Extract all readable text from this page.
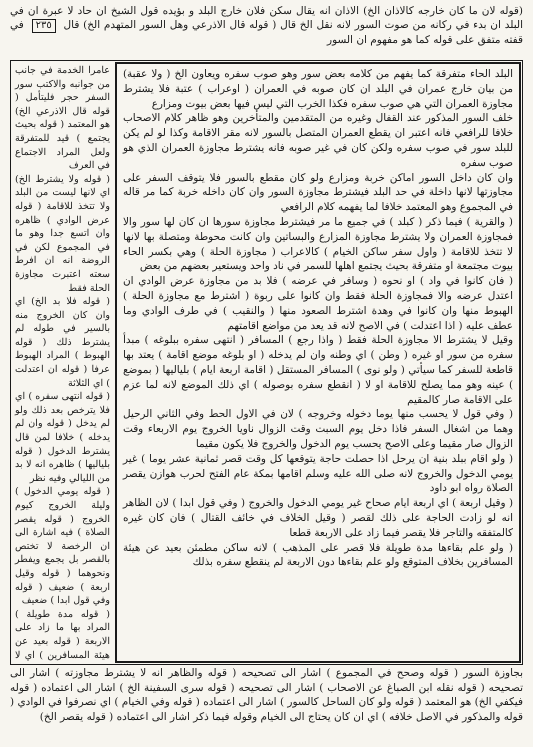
(قوله لان ما كان خارجه كالاذان الخ) الاذان انه يقال سكن فلان خارج البلد و بؤيده قول الشيخ ان حاد لا عبرة ان في البلد ان بدء في ركانه من صوت السور لانه نقل الخ قال ( قوله قال الاذرعي وهل السور المتهدم الخ) قال ٢٣٥ في قفته متفق على قوله كما هو مفهوم ان السور
البلد الحاء متفرقة كما يفهم من كلامه بعض سور وهو صوب سفره ويعاون الخ ( ولا عقبة) من بيان خارج عمران في البلد ان كان صوبه في العمران ( اوعراب ) عتبة فلا يشترط مجاوزة العمران التي هي صوب سفره فكذا الخرب التي ليس فيها بعض بيوت ومزارع
خلف السور المذكور عند القفال وغيره من المتقدمين والمتأخرين وهو ظاهر كلام الاصحاب خلافا للرافعي فانه اعتبر ان يقطع العمران المتصل بالسور لانه مقر الاقامة وكذا لو لم يكن للبلد سور في صوب سفره ولكن كان في غير صوبه فانه يشترط مجاوزة العمران الذي هو صوب سفره
وان كان داخل السور اماكن خربة ومزارع ولو كان مقطع بالسور فلا يتوقف السفر على مجاوزتها لانها داخلة في حد البلد فيشترط مجاوزة السور وان كان داخله خربة كما مر قاله في المجموع وهو المعتمد خلافا لما يفهمه كلام الرافعي
( والقرية ) فيما ذكر ( كبلد ) في جميع ما مر فيشترط مجاوزة سورها ان كان لها سور والا فمجاوزة العمران ولا يشترط مجاوزة المزارع والبساتين وان كانت محوطة ومتصلة بها لانها لا تتخذ للاقامة ( واول سفر ساكن الخيام ) كالاعراب ( مجاوزة الحلة ) وهي بكسر الحاء بيوت مجتمعة او متفرقة بحيث يجتمع اهلها للسمر في ناد واحد ويستعير بعضهم من بعض
( فان كانوا في واد ) او نحوه ( وسافر في عرضه ) فلا بد من مجاوزة عرض الوادي ان اعتدل عرضه والا فمجاوزة الحلة فقط وان كانوا على ربوة ( اشترط مع مجاوزة الحلة ) الهبوط منها وان كانوا في وهدة اشترط الصعود منها ( والنقيب ) في طرف الوادي وما عطف عليه ( اذا اعتدلت ) في الاصح لانه قد يعد من مواضع اقامتهم
وقيل لا يشترط الا مجاوزة الحلة فقط ( واذا رجع ) المسافر ( انتهى سفره ببلوغه ) مبدأ سفره من سور او غيره ( وطن ) اي وطنه وان لم يدخله ( او بلوغه موضع اقامة ) يعتد بها قاطعة للسفر كما سيأتي ( ولو نوى ) المسافر المستقل ( اقامة اربعة ايام ) بلياليها ( بموضع ) عينه وهو مما يصلح للاقامة او لا ( انقطع سفره بوصوله ) اي ذلك الموضع لانه لما عزم على الاقامة صار كالمقيم
( وفي قول لا يحسب منها يوما دخوله وخروجه ) لان في الاول الحط وفي الثاني الرحيل وهما من اشغال السفر فاذا دخل يوم السبت وقت الزوال ناويا الخروج يوم الاربعاء وقت الزوال صار مقيما وعلى الاصح يحسب يوم الدخول والخروج فلا يكون مقيما
( ولو اقام ببلد بنية ان يرحل اذا حصلت حاجة يتوقعها كل وقت قصر ثمانية عشر يوما ) غير يومي الدخول والخروج لانه صلى الله عليه وسلم اقامها بمكة عام الفتح لحرب هوازن يقصر الصلاة رواه ابو داود
( وقيل اربعة ) اي اربعة ايام صحاح غير يومي الدخول والخروج ( وفي قول ابدا ) لان الظاهر انه لو زادت الحاجة على ذلك لقصر ( وقيل الخلاف في خائف القتال ) فان كان غيره كالمتفقه والتاجر فلا يقصر فيما زاد على الاربعة قطعا
( ولو علم بقاءها مدة طويلة فلا قصر على المذهب ) لانه ساكن مطمئن بعيد عن هيئة المسافرين بخلاف المتوقع ولو علم بقاءها دون الاربعة لم ينقطع سفره بذلك
عامرا الخدمة في جانب من جوانبه والاكتب سور السفر حجر فليتأمل ( قوله قال الاذرعي الخ) هو المعتمد ( قوله بحيث يجتمع ) قيد للمتفرقة ولعل المراد الاجتماع في العرف
( قوله ولا يشترط الخ) اي لانها ليست من البلد ولا تتخذ للاقامة ( قوله عرض الوادي ) ظاهره وان اتسع جدا وهو ما في المجموع لكن في الروضة انه ان افرط سعته اعتبرت مجاوزة الحلة فقط
( قوله فلا بد الخ) اي وان كان الخروج منه بالسير في طوله لم يشترط ذلك ( قوله الهبوط ) المراد الهبوط عرفا ( قوله ان اعتدلت ) اي الثلاثة
( قوله انتهى سفره ) اي فلا يترخص بعد ذلك ولو لم يدخل ( قوله وان لم يدخله ) خلافا لمن قال يشترط الدخول ( قوله بلياليها ) ظاهره انه لا بد من الليالي وفيه نظر
( قوله يومي الدخول ) وليلة الخروج كيوم الخروج ( قوله يقصر الصلاة ) فيه اشارة الى ان الرخصة لا تختص بالقصر بل يجمع ويفطر ونحوهما ( قوله وقيل اربعة ) ضعيف ( قوله وفي قول ابدا ) ضعيف
( قوله مدة طويلة ) المراد بها ما زاد على الاربعة ( قوله بعيد عن هيئة المسافرين ) اي لا
بجاوزة السور ( قوله وصحح في المجموع ) اشار الى تصحيحه ( قوله والظاهر انه لا يشترط مجاوزته ) اشار الى تصحيحه ( قوله نقله ابن الصباغ عن الاصحاب ) اشار الى تصحيحه ( قوله سرى السفينة الخ ) اشار الى اعتماده ( قوله فيكفي الخ) هو المعتمد ( قوله ولو كان الساحل كالسور ) اشار الى اعتماده ( قوله وفي الخيام ) اي نصرفوا في الوادي ( قوله والمذكور في الاصل خلافه ) اي ان كان يحتاج الى الخيام وقوله فيما ذكر اشار الى اعتماده ( قوله يقصر الخ)
